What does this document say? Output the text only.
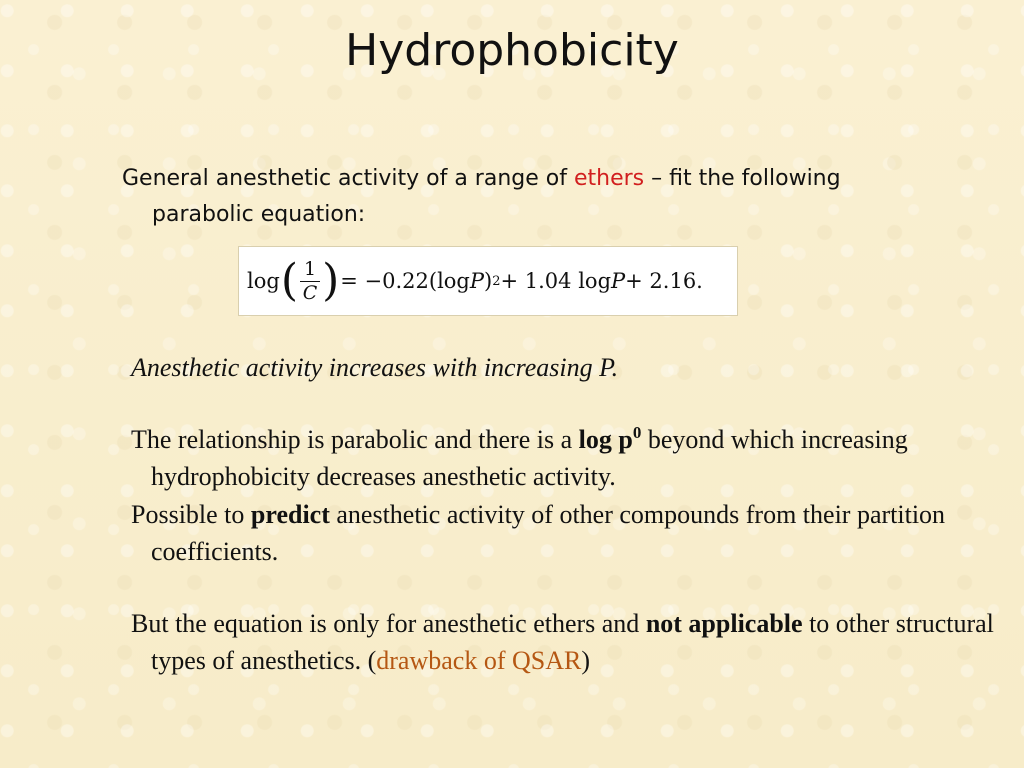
Hydrophobicity
General anesthetic activity of a range of ethers – fit the following
parabolic equation:
log ( $\frac{1}{C}$ ) = −0.22(log P ) 2 + 1.04 log P + 2.16.
Anesthetic activity increases with increasing P.
The relationship is parabolic and there is a $\log p^0$ beyond which increasing hydrophobicity decreases anesthetic activity.
Possible to predict anesthetic activity of other compounds from their partition coefficients.
But the equation is only for anesthetic ethers and not applicable to other structural types of anesthetics. (drawback of QSAR)
